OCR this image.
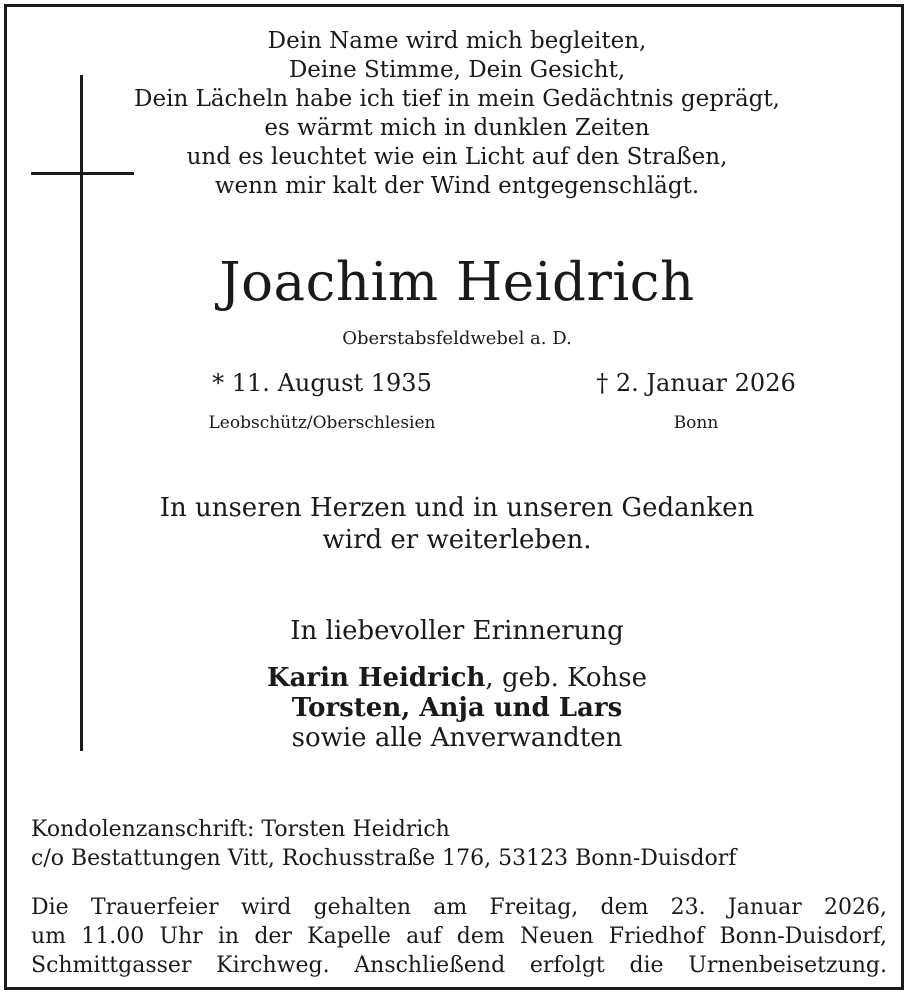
Dein Name wird mich begleiten,
Deine Stimme, Dein Gesicht,
Dein Lächeln habe ich tief in mein Gedächtnis geprägt,
es wärmt mich in dunklen Zeiten
und es leuchtet wie ein Licht auf den Straßen,
wenn mir kalt der Wind entgegenschlägt.
Joachim Heidrich
Oberstabsfeldwebel a. D.
* 11. August 1935	† 2. Januar 2026
Leobschütz/Oberschlesien	Bonn
In unseren Herzen und in unseren Gedanken
wird er weiterleben.
In liebevoller Erinnerung
Karin Heidrich, geb. Kohse
Torsten, Anja und Lars
sowie alle Anverwandten
Kondolenzanschrift: Torsten Heidrich
c/o Bestattungen Vitt, Rochusstraße 176, 53123 Bonn-Duisdorf
Die Trauerfeier wird gehalten am Freitag, dem 23. Januar 2026,
um 11.00 Uhr in der Kapelle auf dem Neuen Friedhof Bonn-Duisdorf,
Schmittgasser Kirchweg. Anschließend erfolgt die Urnenbeisetzung.
